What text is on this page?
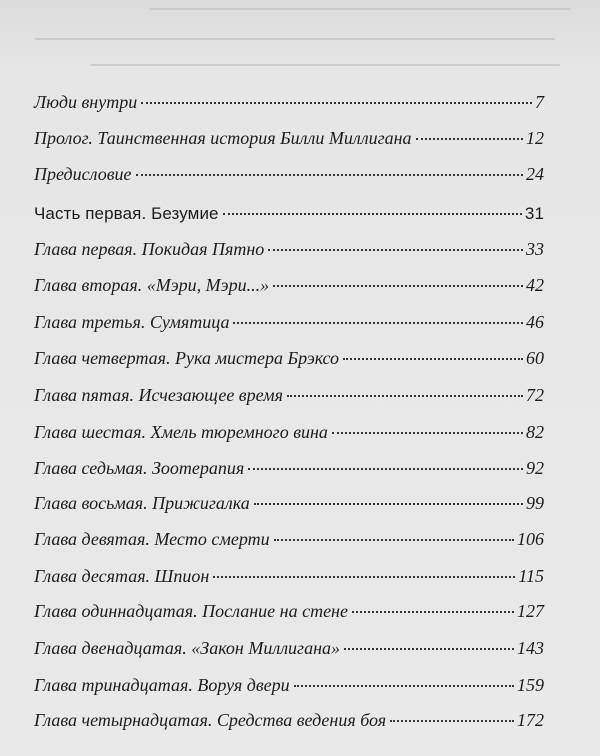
Люди внутри	7
Пролог. Таинственная история Билли Миллигана	12
Предисловие	24
Часть первая. Безумие	31
Глава первая. Покидая Пятно	33
Глава вторая. «Мэри, Мэри...»	42
Глава третья. Сумятица	46
Глава четвертая. Рука мистера Брэксо	60
Глава пятая. Исчезающее время	72
Глава шестая. Хмель тюремного вина	82
Глава седьмая. Зоотерапия	92
Глава восьмая. Прижигалка	99
Глава девятая. Место смерти	106
Глава десятая. Шпион	115
Глава одиннадцатая. Послание на стене	127
Глава двенадцатая. «Закон Миллигана»	143
Глава тринадцатая. Воруя двери	159
Глава четырнадцатая. Средства ведения боя	172
